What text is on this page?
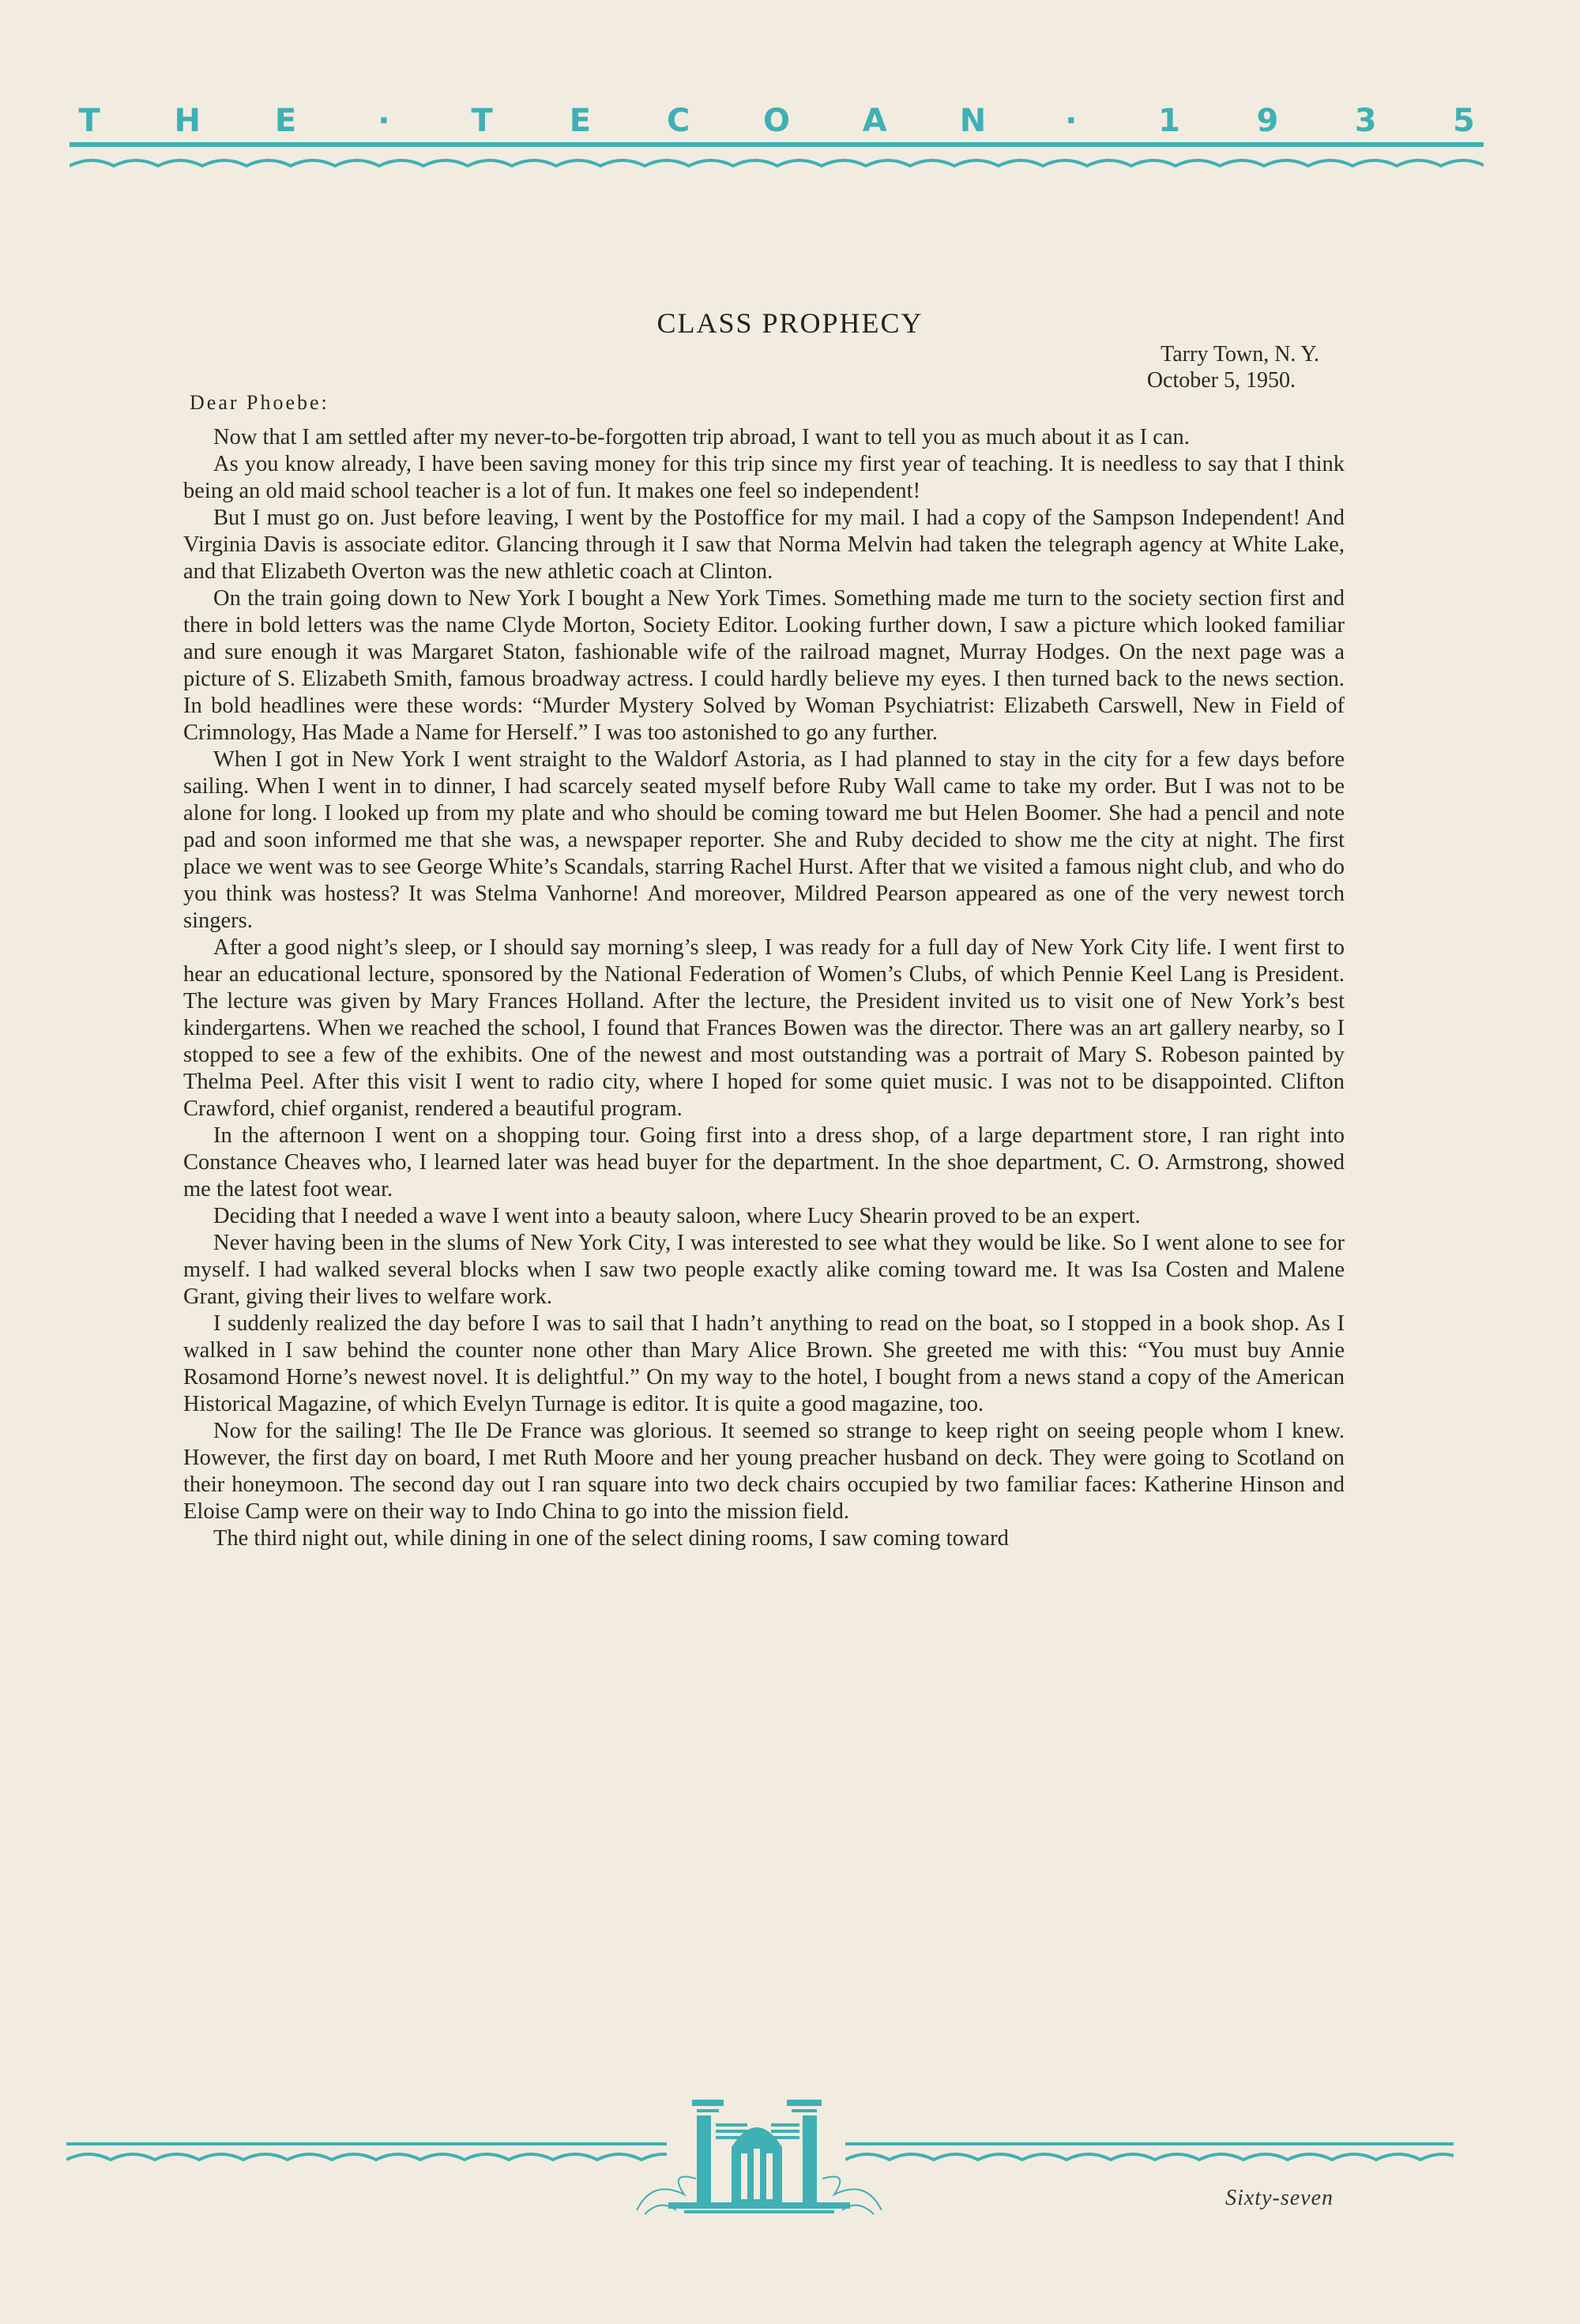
T H E	·	T E C O A N	·	1 9 3 5
CLASS PROPHECY
Tarry Town, N. Y.
October 5, 1950.
Dear Phoebe:

Now that I am settled after my never-to-be-forgotten trip abroad, I want to tell you as much about it as I can.

As you know already, I have been saving money for this trip since my first year of teaching. It is needless to say that I think being an old maid school teacher is a lot of fun. It makes one feel so independent!

But I must go on. Just before leaving, I went by the Postoffice for my mail. I had a copy of the Sampson Independent! And Virginia Davis is associate editor. Glancing through it I saw that Norma Melvin had taken the telegraph agency at White Lake, and that Elizabeth Overton was the new athletic coach at Clinton.

On the train going down to New York I bought a New York Times. Something made me turn to the society section first and there in bold letters was the name Clyde Morton, Society Editor. Looking further down, I saw a picture which looked familiar and sure enough it was Margaret Staton, fashionable wife of the railroad magnet, Murray Hodges. On the next page was a picture of S. Elizabeth Smith, famous broadway actress. I could hardly believe my eyes. I then turned back to the news section. In bold headlines were these words: “Murder Mystery Solved by Woman Psychiatrist: Elizabeth Carswell, New in Field of Crimnology, Has Made a Name for Herself.” I was too astonished to go any further.

When I got in New York I went straight to the Waldorf Astoria, as I had planned to stay in the city for a few days before sailing. When I went in to dinner, I had scarcely seated myself before Ruby Wall came to take my order. But I was not to be alone for long. I looked up from my plate and who should be coming toward me but Helen Boomer. She had a pencil and note pad and soon informed me that she was, a newspaper reporter. She and Ruby decided to show me the city at night. The first place we went was to see George White’s Scandals, starring Rachel Hurst. After that we visited a famous night club, and who do you think was hostess? It was Stelma Vanhorne! And moreover, Mildred Pearson appeared as one of the very newest torch singers.

After a good night’s sleep, or I should say morning’s sleep, I was ready for a full day of New York City life. I went first to hear an educational lecture, sponsored by the National Federation of Women’s Clubs, of which Pennie Keel Lang is President. The lecture was given by Mary Frances Holland. After the lecture, the President invited us to visit one of New York’s best kindergartens. When we reached the school, I found that Frances Bowen was the director. There was an art gallery nearby, so I stopped to see a few of the exhibits. One of the newest and most outstanding was a portrait of Mary S. Robeson painted by Thelma Peel. After this visit I went to radio city, where I hoped for some quiet music. I was not to be disappointed. Clifton Crawford, chief organist, rendered a beautiful program.

In the afternoon I went on a shopping tour. Going first into a dress shop, of a large department store, I ran right into Constance Cheaves who, I learned later was head buyer for the department. In the shoe department, C. O. Armstrong, showed me the latest foot wear.

Deciding that I needed a wave I went into a beauty saloon, where Lucy Shearin proved to be an expert.

Never having been in the slums of New York City, I was interested to see what they would be like. So I went alone to see for myself. I had walked several blocks when I saw two people exactly alike coming toward me. It was Isa Costen and Malene Grant, giving their lives to welfare work.

I suddenly realized the day before I was to sail that I hadn’t anything to read on the boat, so I stopped in a book shop. As I walked in I saw behind the counter none other than Mary Alice Brown. She greeted me with this: “You must buy Annie Rosamond Horne’s newest novel. It is delightful.” On my way to the hotel, I bought from a news stand a copy of the American Historical Magazine, of which Evelyn Turnage is editor. It is quite a good magazine, too.

Now for the sailing! The Ile De France was glorious. It seemed so strange to keep right on seeing people whom I knew. However, the first day on board, I met Ruth Moore and her young preacher husband on deck. They were going to Scotland on their honeymoon. The second day out I ran square into two deck chairs occupied by two familiar faces: Katherine Hinson and Eloise Camp were on their way to Indo China to go into the mission field.

The third night out, while dining in one of the select dining rooms, I saw coming toward

Sixty-seven
